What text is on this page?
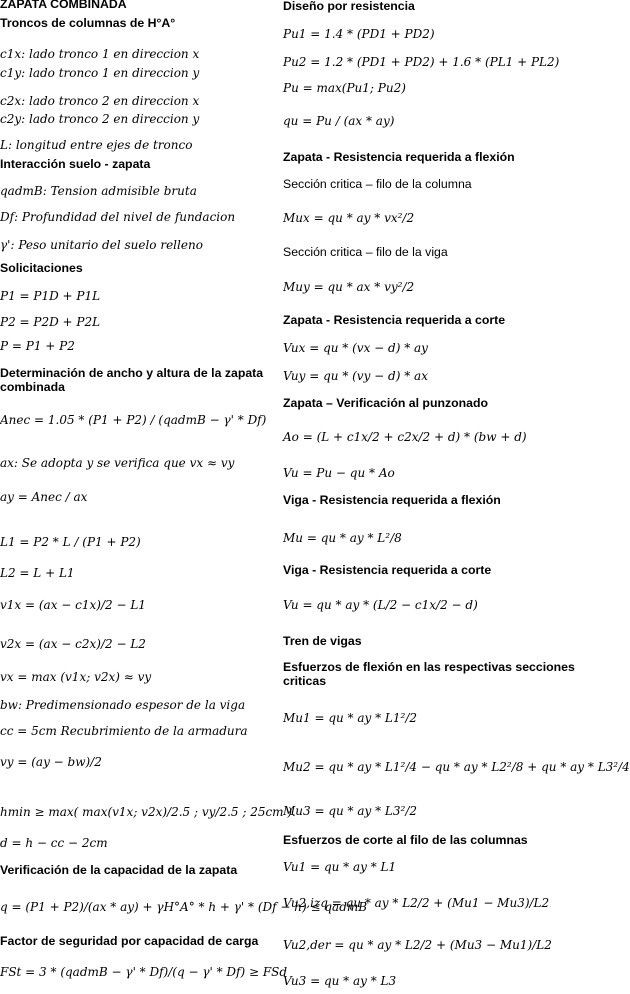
ZAPATA COMBINADA
Troncos de columnas de H°A°
c1x: lado tronco 1 en direccion x
c1y: lado tronco 1 en direccion y
c2x: lado tronco 2 en direccion x
c2y: lado tronco 2 en direccion y
L: longitud entre ejes de tronco
Interacción suelo - zapata
qadmB: Tension admisible bruta
Df: Profundidad del nivel de fundacion
γ': Peso unitario del suelo relleno
Solicitaciones
P1 = P1D + P1L
P2 = P2D + P2L
P = P1 + P2
Determinación de ancho y altura de la zapata combinada
Anec = 1.05 * (P1 + P2) / (qadmB − γ' * Df)
ax: Se adopta y se verifica que vx ≈ vy
ay = Anec / ax
L1 = P2 * L / (P1 + P2)
L2 = L + L1
v1x = (ax − c1x)/2 − L1
v2x = (ax − c2x)/2 − L2
vx = max (v1x; v2x) ≈ vy
bw: Predimensionado espesor de la viga
cc = 5cm Recubrimiento de la armadura
vy = (ay − bw)/2
hmin ≥ max( max(v1x; v2x)/2.5 ; vy/2.5 ; 25cm ).
d = h − cc − 2cm
Verificación de la capacidad de la zapata
q = (P1 + P2)/(ax * ay) + γH°A° * h + γ' * (Df − h) ≤ qadmB
Factor de seguridad por capacidad de carga
FSt = 3 * (qadmB − γ' * Df)/(q − γ' * Df) ≥ FSd
Diseño por resistencia
Pu1 = 1.4 * (PD1 + PD2)
Pu2 = 1.2 * (PD1 + PD2) + 1.6 * (PL1 + PL2)
Pu = max(Pu1; Pu2)
qu = Pu / (ax * ay)
Zapata - Resistencia requerida a flexión
Sección critica – filo de la columna
Mux = qu * ay * vx²/2
Sección critica – filo de la viga
Muy = qu * ax * vy²/2
Zapata - Resistencia requerida a corte
Vux = qu * (vx − d) * ay
Vuy = qu * (vy − d) * ax
Zapata – Verificación al punzonado
Ao = (L + c1x/2 + c2x/2 + d) * (bw + d)
Vu = Pu − qu * Ao
Viga - Resistencia requerida a flexión
Mu = qu * ay * L²/8
Viga - Resistencia requerida a corte
Vu = qu * ay * (L/2 − c1x/2 − d)
Tren de vigas
Esfuerzos de flexión en las respectivas secciones criticas
Mu1 = qu * ay * L1²/2
Mu2 = qu * ay * L1²/4 − qu * ay * L2²/8 + qu * ay * L3²/4
Mu3 = qu * ay * L3²/2
Esfuerzos de corte al filo de las columnas
Vu1 = qu * ay * L1
Vu2,izq = qu * ay * L2/2 + (Mu1 − Mu3)/L2
Vu2,der = qu * ay * L2/2 + (Mu3 − Mu1)/L2
Vu3 = qu * ay * L3
